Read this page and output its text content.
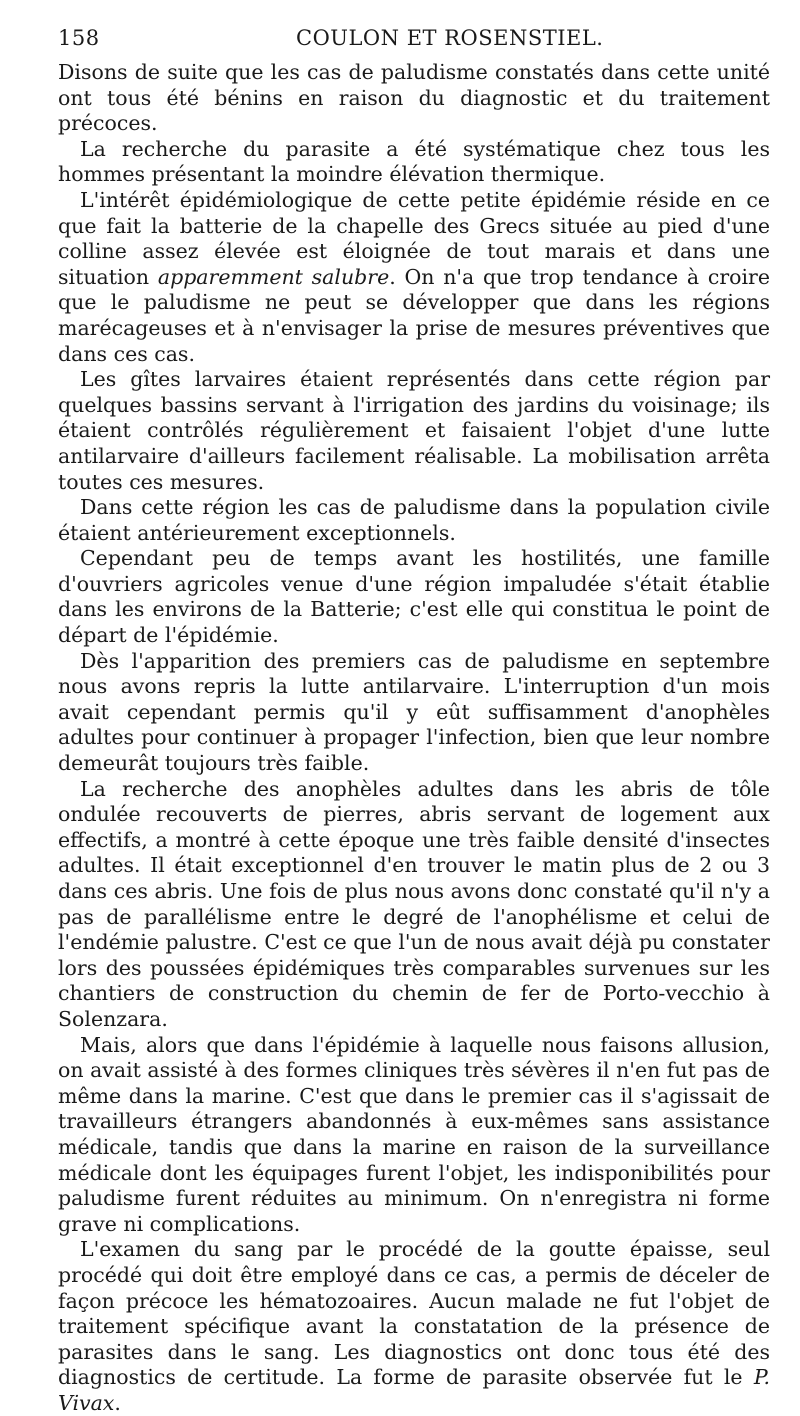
158	COULON ET ROSENSTIEL.

Disons de suite que les cas de paludisme constatés dans cette unité ont tous été bénins en raison du diagnostic et du traitement précoces.

La recherche du parasite a été systématique chez tous les hommes présentant la moindre élévation thermique.

L'intérêt épidémiologique de cette petite épidémie réside en ce que fait la batterie de la chapelle des Grecs située au pied d'une colline assez élevée est éloignée de tout marais et dans une situation apparemment salubre. On n'a que trop tendance à croire que le paludisme ne peut se développer que dans les régions marécageuses et à n'envisager la prise de mesures préventives que dans ces cas.

Les gîtes larvaires étaient représentés dans cette région par quelques bassins servant à l'irrigation des jardins du voisinage; ils étaient contrôlés régulièrement et faisaient l'objet d'une lutte antilarvaire d'ailleurs facilement réalisable. La mobilisation arrêta toutes ces mesures.

Dans cette région les cas de paludisme dans la population civile étaient antérieurement exceptionnels.

Cependant peu de temps avant les hostilités, une famille d'ouvriers agricoles venue d'une région impaludée s'était établie dans les environs de la Batterie; c'est elle qui constitua le point de départ de l'épidémie.

Dès l'apparition des premiers cas de paludisme en septembre nous avons repris la lutte antilarvaire. L'interruption d'un mois avait cependant permis qu'il y eût suffisamment d'anophèles adultes pour continuer à propager l'infection, bien que leur nombre demeurât toujours très faible.

La recherche des anophèles adultes dans les abris de tôle ondulée recouverts de pierres, abris servant de logement aux effectifs, a montré à cette époque une très faible densité d'insectes adultes. Il était exceptionnel d'en trouver le matin plus de 2 ou 3 dans ces abris. Une fois de plus nous avons donc constaté qu'il n'y a pas de parallélisme entre le degré de l'anophélisme et celui de l'endémie palustre. C'est ce que l'un de nous avait déjà pu constater lors des poussées épidémiques très comparables survenues sur les chantiers de construction du chemin de fer de Porto-vecchio à Solenzara.

Mais, alors que dans l'épidémie à laquelle nous faisons allusion, on avait assisté à des formes cliniques très sévères il n'en fut pas de même dans la marine. C'est que dans le premier cas il s'agissait de travailleurs étrangers abandonnés à eux-mêmes sans assistance médicale, tandis que dans la marine en raison de la surveillance médicale dont les équipages furent l'objet, les indisponibilités pour paludisme furent réduites au minimum. On n'enregistra ni forme grave ni complications.

L'examen du sang par le procédé de la goutte épaisse, seul procédé qui doit être employé dans ce cas, a permis de déceler de façon précoce les hématozoaires. Aucun malade ne fut l'objet de traitement spécifique avant la constatation de la présence de parasites dans le sang. Les diagnostics ont donc tous été des diagnostics de certitude. La forme de parasite observée fut le P. Vivax.
